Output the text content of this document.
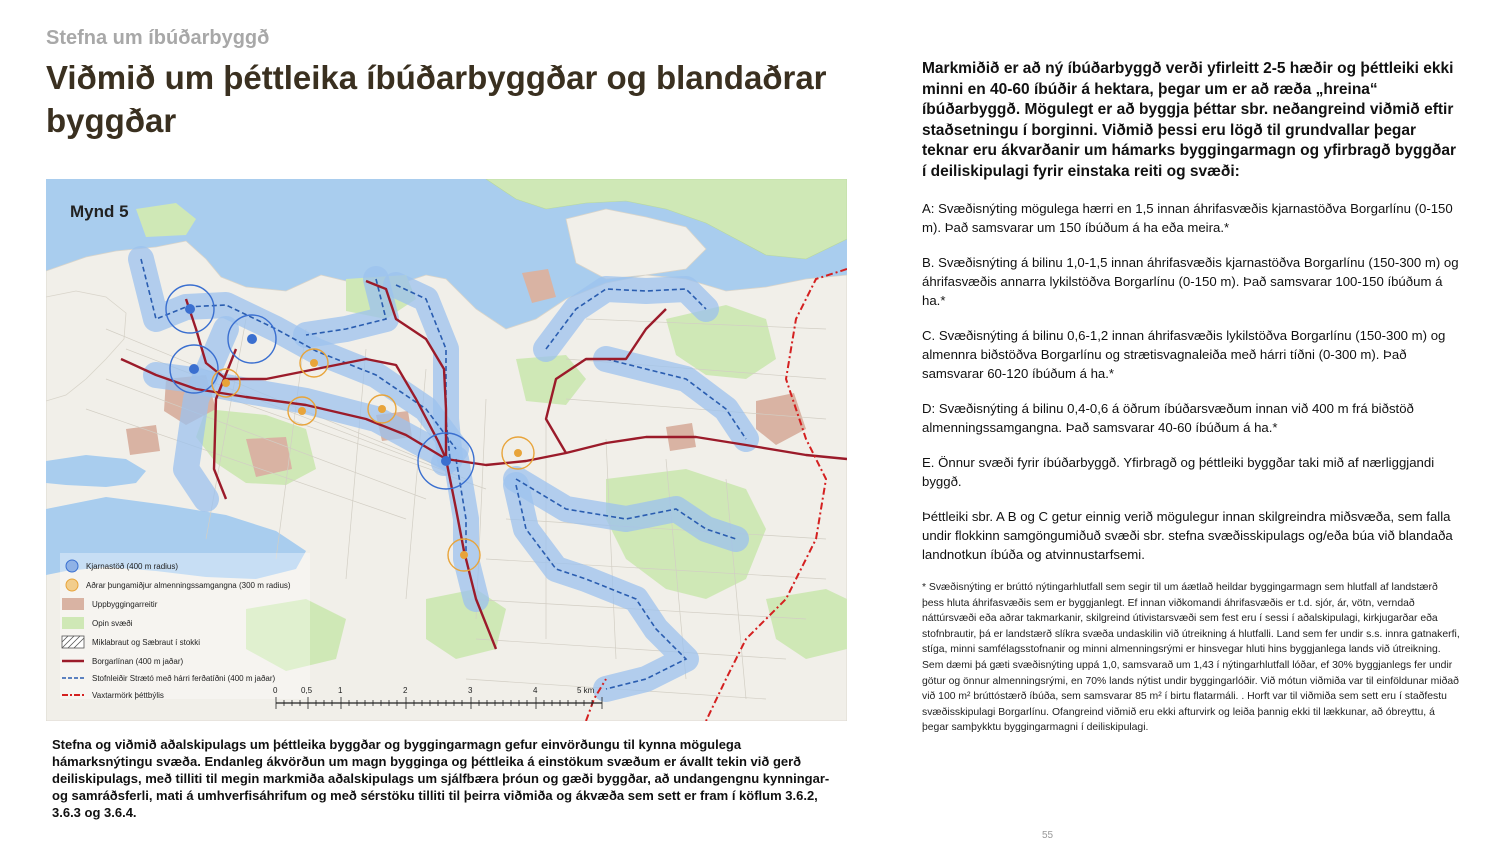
Stefna um íbúðarbyggð
Viðmið um þéttleika íbúðarbyggðar og blandaðrar byggðar
Mynd 5
Kjarnastöð (400 m radius)
Aðrar þungamiðjur almenningssamgangna (300 m radius)
Uppbyggingarreitir
Opin svæði
Miklabraut og Sæbraut í stokki
Borgarlínan (400 m jaðar)
Stofnleiðir Strætó með hárri ferðatíðni (400 m jaðar)
Vaxtarmörk þéttbýlis
0	0,5	1	2	3	4	5 km
Stefna og viðmið aðalskipulags um þéttleika byggðar og byggingarmagn gefur einvörðungu til kynna mögulega hámarksnýtingu svæða. Endanleg ákvörðun um magn bygginga og þéttleika á einstökum svæðum er ávallt tekin við gerð deiliskipulags, með tilliti til megin markmiða aðalskipulags um sjálfbæra þróun og gæði byggðar, að undangengnu kynningar- og samráðsferli, mati á umhverfisáhrifum og með sérstöku tilliti til þeirra viðmiða og ákvæða sem sett er fram í köflum 3.6.2, 3.6.3 og 3.6.4.

Markmiðið er að ný íbúðarbyggð verði yfirleitt 2-5 hæðir og þéttleiki ekki minni en 40-60 íbúðir á hektara, þegar um er að ræða „hreina“ íbúðarbyggð. Mögulegt er að byggja þéttar sbr. neðangreind viðmið eftir staðsetningu í borginni. Viðmið þessi eru lögð til grundvallar þegar teknar eru ákvarðanir um hámarks byggingarmagn og yfirbragð byggðar í deiliskipulagi fyrir einstaka reiti og svæði:

A: Svæðisnýting mögulega hærri en 1,5 innan áhrifasvæðis kjarnastöðva Borgarlínu (0-150 m). Það samsvarar um 150 íbúðum á ha eða meira.*

B. Svæðisnýting á bilinu 1,0-1,5 innan áhrifasvæðis kjarnastöðva Borgarlínu (150-300 m) og áhrifasvæðis annarra lykilstöðva Borgarlínu (0-150 m). Það samsvarar 100-150 íbúðum á ha.*

C. Svæðisnýting á bilinu 0,6-1,2 innan áhrifasvæðis lykilstöðva Borgarlínu (150-300 m) og almennra biðstöðva Borgarlínu og strætisvagnaleiða með hárri tíðni (0-300 m). Það samsvarar 60-120 íbúðum á ha.*

D: Svæðisnýting á bilinu 0,4-0,6 á öðrum íbúðarsvæðum innan við 400 m frá biðstöð almenningssamgangna. Það samsvarar 40-60 íbúðum á ha.*

E. Önnur svæði fyrir íbúðarbyggð. Yfirbragð og þéttleiki byggðar taki mið af nærliggjandi byggð.

Þéttleiki sbr. A B og C getur einnig verið mögulegur innan skilgreindra miðsvæða, sem falla undir flokkinn samgöngumiðuð svæði sbr. stefna svæðisskipulags og/eða búa við blandaða landnotkun íbúða og atvinnustarfsemi.

* Svæðisnýting er brúttó nýtingarhlutfall sem segir til um áætlað heildar byggingarmagn sem hlutfall af landstærð þess hluta áhrifasvæðis sem er byggjanlegt. Ef innan viðkomandi áhrifasvæðis er t.d. sjór, ár, vötn, verndað náttúrsvæði eða aðrar takmarkanir, skilgreind útivistarsvæði sem fest eru í sessi í aðalskipulagi, kirkjugarðar eða stofnbrautir, þá er landstærð slíkra svæða undaskilin við útreikning á hlutfalli. Land sem fer undir s.s. innra gatnakerfi, stíga, minni samfélagsstofnanir og minni almenningsrými er hinsvegar hluti hins byggjanlega lands við útreikning. Sem dæmi þá gæti svæðisnýting uppá 1,0, samsvarað um 1,43 í nýtingarhlutfall lóðar, ef 30% byggjanlegs fer undir götur og önnur almenningsrými, en 70% lands nýtist undir byggingarlóðir. Við mótun viðmiða var til einföldunar miðað við 100 m² brúttóstærð íbúða, sem samsvarar 85 m² í birtu flatarmáli. . Horft var til viðmiða sem sett eru í staðfestu svæðisskipulagi Borgarlínu. Ofangreind viðmið eru ekki afturvirk og leiða þannig ekki til lækkunar, að óbreyttu, á þegar samþykktu byggingarmagni í deiliskipulagi.

55
